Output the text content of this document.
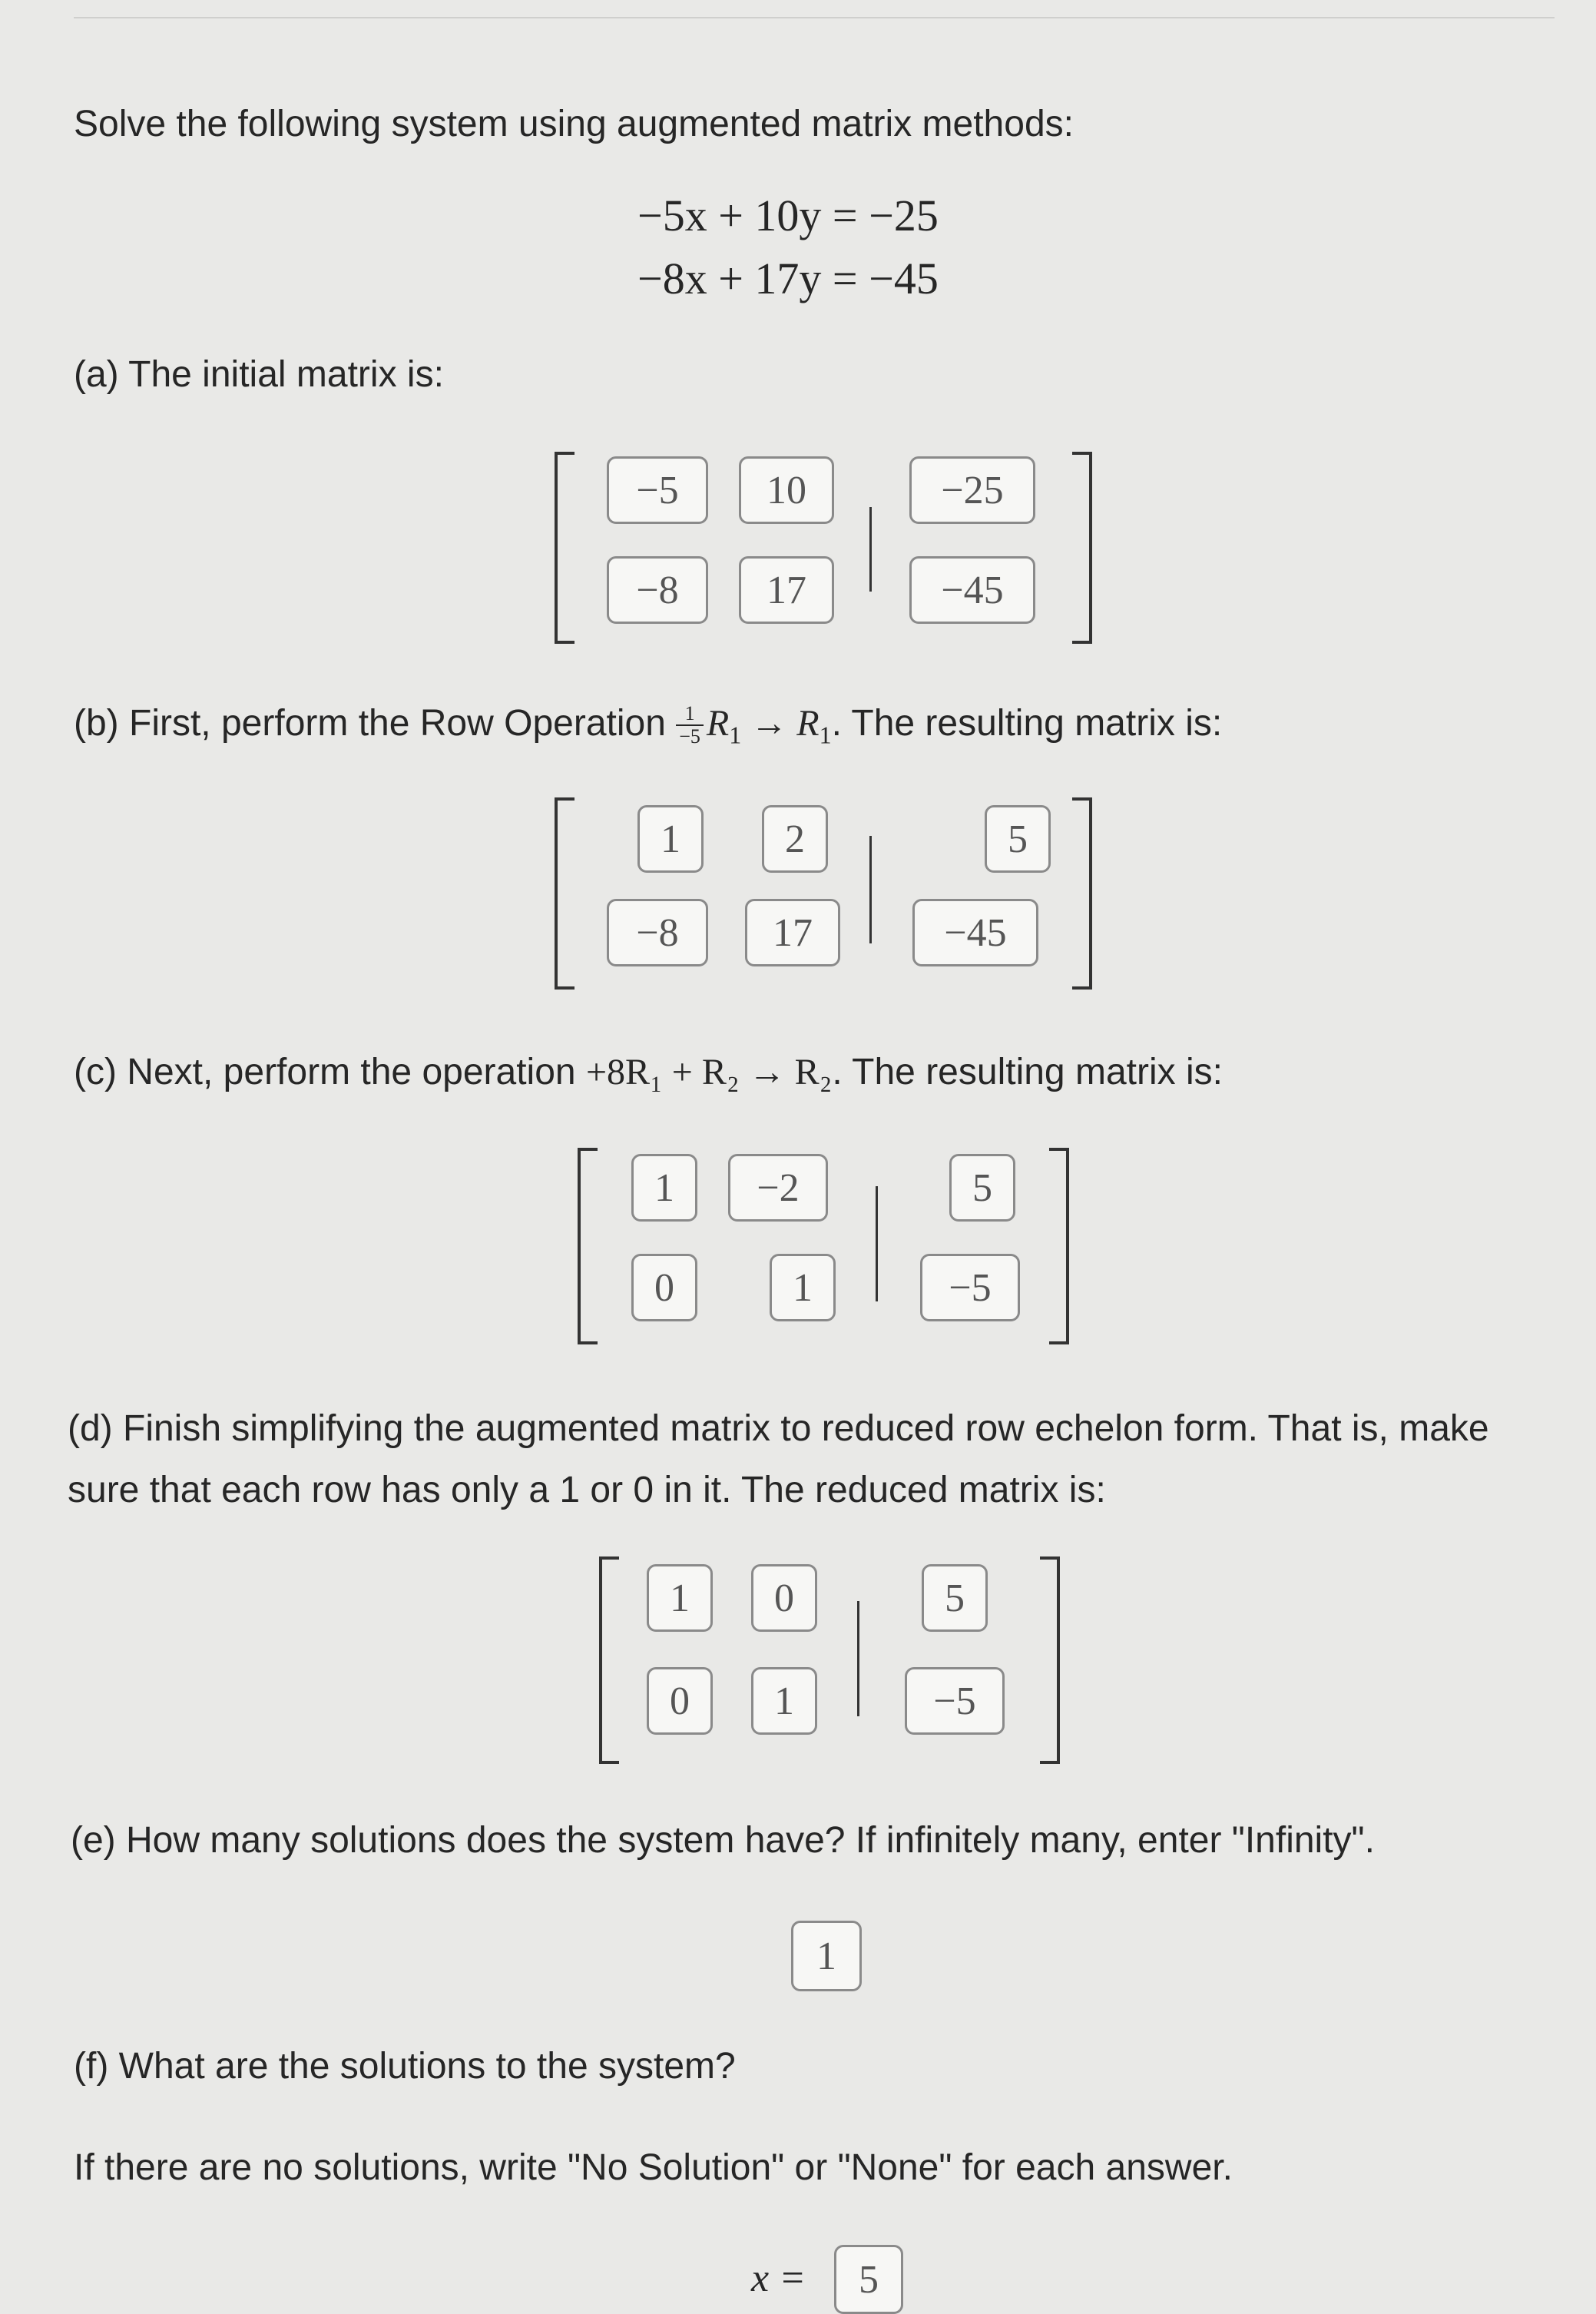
Solve the following system using augmented matrix methods:
−5x + 10y = −25
−8x + 17y = −45
(a) The initial matrix is:
−5
10
−25
−8
17
−45
(b) First, perform the Row Operation $\frac{1}{-5} R_1 \to R_1$. The resulting matrix is:
1
2
5
−8
17
−45
(c) Next, perform the operation +8R₁ + R₂ → R₂. The resulting matrix is:
1
−2
5
0
1
−5
(d) Finish simplifying the augmented matrix to reduced row echelon form. That is, make sure that each row has only a 1 or 0 in it. The reduced matrix is:
1
0
5
0
1
−5
(e) How many solutions does the system have? If infinitely many, enter "Infinity".
1
(f) What are the solutions to the system?
If there are no solutions, write "No Solution" or "None" for each answer.
x =
5
